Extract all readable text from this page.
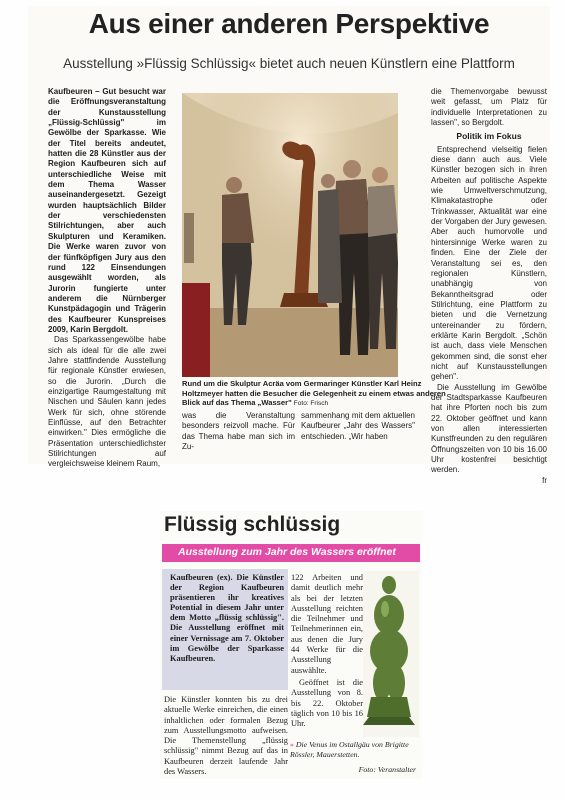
Aus einer anderen Perspektive
Ausstellung »Flüssig Schlüssig« bietet auch neuen Künstlern eine Plattform

Kaufbeuren – Gut besucht war die Eröffnungsveranstaltung der Kunstausstellung „Flüssig-Schlüssig" im Gewölbe der Sparkasse. Wie der Titel bereits andeutet, hatten die 28 Künstler aus der Region Kaufbeuren sich auf unterschiedliche Weise mit dem Thema Wasser auseinandergesetzt. Gezeigt wurden hauptsächlich Bilder der verschiedensten Stilrichtungen, aber auch Skulpturen und Keramiken. Die Werke waren zuvor von der fünfköpfigen Jury aus den rund 122 Einsendungen ausgewählt worden, als Jurorin fungierte unter anderem die Nürnberger Kunstpädagogin und Trägerin des Kaufbeurer Kunspreises 2009, Karin Bergdolt.

Das Sparkassengewölbe habe sich als ideal für die alle zwei Jahre stattfindende Ausstellung für regionale Künstler erwiesen, so die Jurorin. „Durch die einzigartige Raumgestaltung mit Nischen und Säulen kann jedes Werk für sich, ohne störende Einflüsse, auf den Betrachter einwirken." Dies ermögliche die Präsentation unterschiedlichster Stilrichtungen auf vergleichsweise kleinem Raum,

Rund um die Skulptur Acräa vom Germaringer Künstler Karl Heinz Holtzmeyer hatten die Besucher die Gelegenheit zu einem etwas anderen Blick auf das Thema „Wasser" Foto: Frisch

was die Veranstaltung besonders reizvoll mache. Für das Thema habe man sich im Zu-

sammenhang mit dem aktuellen Kaufbeurer „Jahr des Wassers" entschieden. „Wir haben

die Themenvorgabe bewusst weit gefasst, um Platz für individuelle Interpretationen zu lassen", so Bergdolt.

Politik im Fokus

Entsprechend vielseitig fielen diese dann auch aus. Viele Künstler bezogen sich in ihren Arbeiten auf politische Aspekte wie Umweltverschmutzung, Klimakatastrophe oder Trinkwasser, Aktualität war eine der Vorgaben der Jury gewesen. Aber auch humorvolle und hintersinnige Werke waren zu finden. Eine der Ziele der Veranstaltung sei es, den regionalen Künstlern, unabhängig von Bekanntheitsgrad oder Stilrichtung, eine Plattform zu bieten und die Vernetzung untereinander zu fördern, erklärte Karin Bergdolt. „Schön ist auch, dass viele Menschen gekommen sind, die sonst eher nicht auf Kunstausstellungen gehen".

Die Ausstellung im Gewölbe der Stadtsparkasse Kaufbeuren hat ihre Pforten noch bis zum 22. Oktober geöffnet und kann von allen interessierten Kunstfreunden zu den regulären Öffnungszeiten von 10 bis 16.00 Uhr kostenfrei besichtigt werden.

fr

Flüssig schlüssig
Ausstellung zum Jahr des Wassers eröffnet
Kaufbeuren (ex). Die Künstler der Region Kaufbeuren präsentieren ihr kreatives Potential in diesem Jahr unter dem Motto „flüssig schlüssig". Die Ausstellung eröffnet mit einer Vernissage am 7. Oktober im Gewölbe der Sparkasse Kaufbeuren.
Die Künstler konnten bis zu drei aktuelle Werke einreichen, die einen inhaltlichen oder formalen Bezug zum Ausstellungsmotto aufweisen. Die Themenstellung „flüssig schlüssig" nimmt Bezug auf das in Kaufbeuren derzeit laufende Jahr des Wassers.
122 Arbeiten und damit deutlich mehr als bei der letzten Ausstellung reichten die Teilnehmer und Teilnehmerinnen ein, aus denen die Jury 44 Werke für die Ausstellung auswählte.
Geöffnet ist die Ausstellung von 8. bis 22. Oktober täglich von 10 bis 16 Uhr.
» Die Venus im Ostallgäu von Brigitte Rössler, Mauerstetten.
Foto: Veranstalter
